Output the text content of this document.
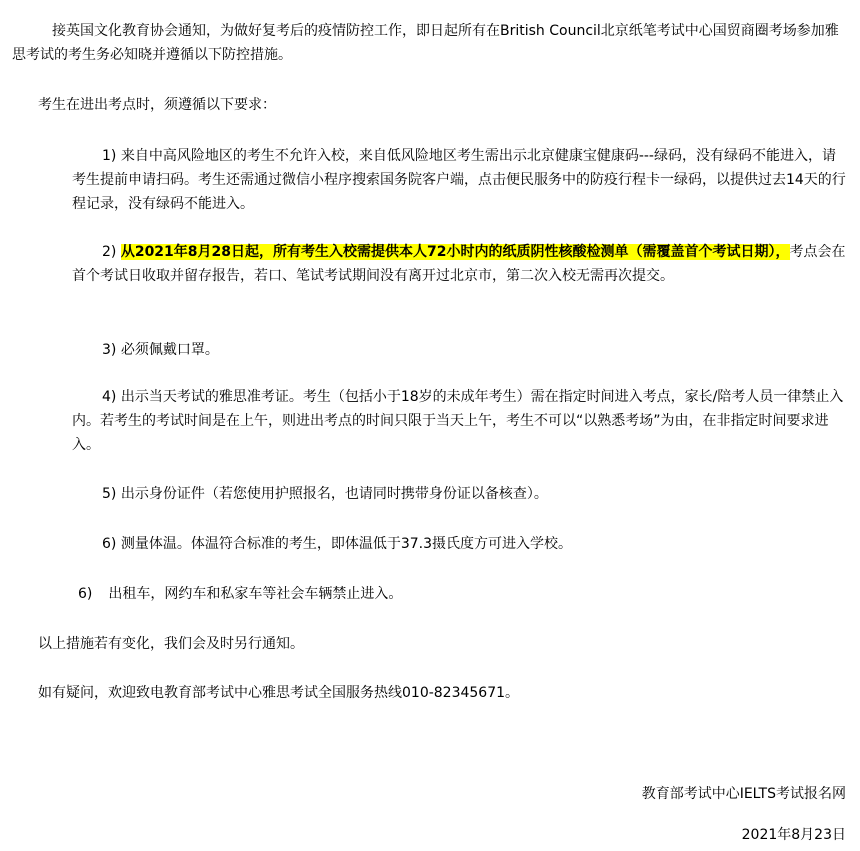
接英国文化教育协会通知，为做好复考后的疫情防控工作，即日起所有在British Council北京纸笔考试中心国贸商圈考场参加雅思考试的考生务必知晓并遵循以下防控措施。

考生在进出考点时，须遵循以下要求：

1) 来自中高风险地区的考生不允许入校，来自低风险地区考生需出示北京健康宝健康码---绿码，没有绿码不能进入，请考生提前申请扫码。考生还需通过微信小程序搜索国务院客户端，点击便民服务中的防疫行程卡一绿码，以提供过去14天的行程记录，没有绿码不能进入。

2) 从2021年8月28日起，所有考生入校需提供本人72小时内的纸质阴性核酸检测单（需覆盖首个考试日期），考点会在首个考试日收取并留存报告，若口、笔试考试期间没有离开过北京市，第二次入校无需再次提交。

3) 必须佩戴口罩。

4) 出示当天考试的雅思准考证。考生（包括小于18岁的未成年考生）需在指定时间进入考点，家长/陪考人员一律禁止入内。若考生的考试时间是在上午，则进出考点的时间只限于当天上午，考生不可以“以熟悉考场”为由，在非指定时间要求进入。

5) 出示身份证件（若您使用护照报名，也请同时携带身份证以备核查）。

6) 测量体温。体温符合标准的考生，即体温低于37.3摄氏度方可进入学校。

6) 出租车，网约车和私家车等社会车辆禁止进入。

以上措施若有变化，我们会及时另行通知。

如有疑问，欢迎致电教育部考试中心雅思考试全国服务热线010-82345671。

教育部考试中心IELTS考试报名网

2021年8月23日
